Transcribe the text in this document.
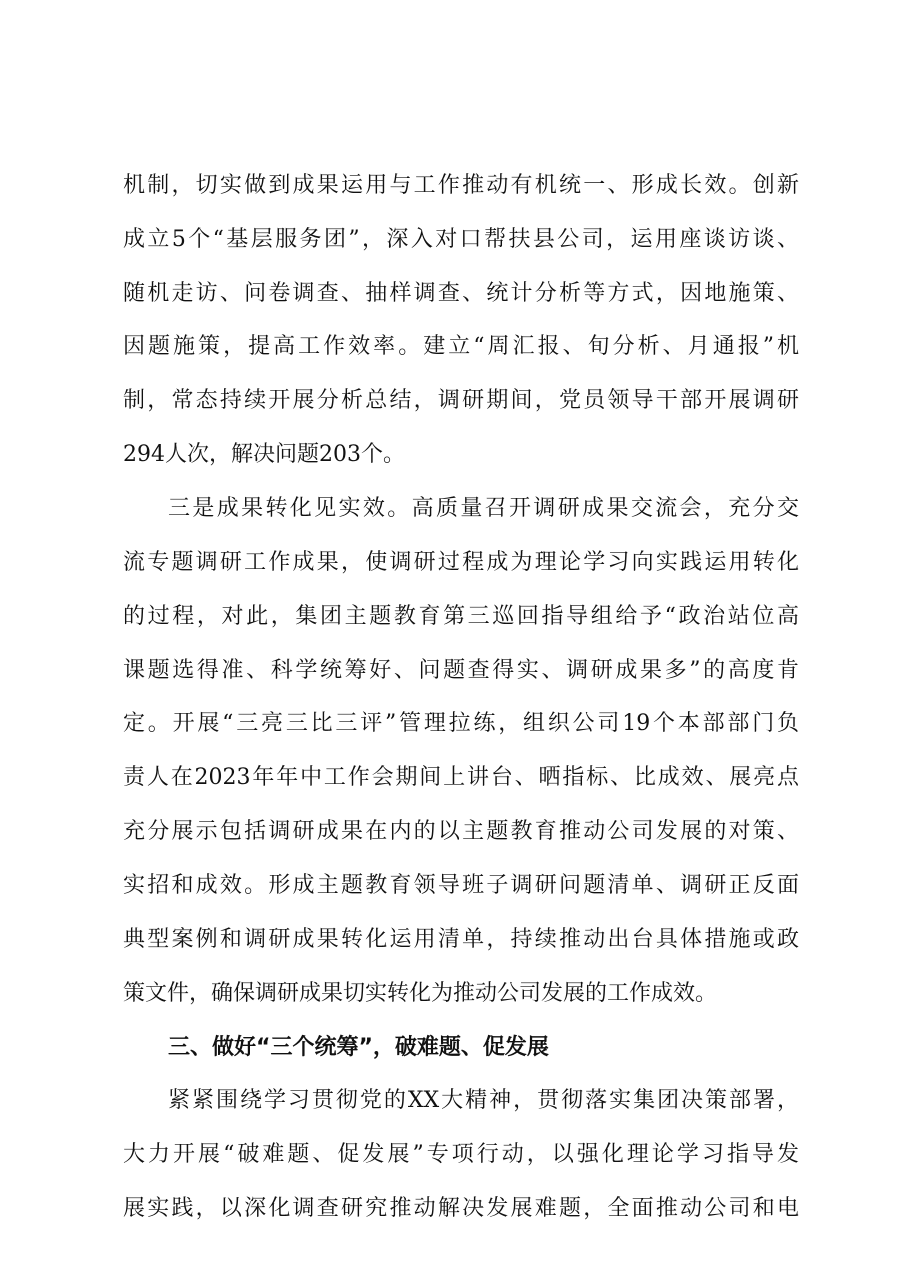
机制，切实做到成果运用与工作推动有机统一、形成长效。创新
成立5个“基层服务团”，深入对口帮扶县公司，运用座谈访谈、
随机走访、问卷调查、抽样调查、统计分析等方式，因地施策、
因题施策，提高工作效率。建立“周汇报、旬分析、月通报”机
制，常态持续开展分析总结，调研期间，党员领导干部开展调研
294人次，解决问题203个。
三是成果转化见实效。高质量召开调研成果交流会，充分交
流专题调研工作成果，使调研过程成为理论学习向实践运用转化
的过程，对此，集团主题教育第三巡回指导组给予“政治站位高
课题选得准、科学统筹好、问题查得实、调研成果多”的高度肯
定。开展“三亮三比三评”管理拉练，组织公司19个本部部门负
责人在2023年年中工作会期间上讲台、晒指标、比成效、展亮点
充分展示包括调研成果在内的以主题教育推动公司发展的对策、
实招和成效。形成主题教育领导班子调研问题清单、调研正反面
典型案例和调研成果转化运用清单，持续推动出台具体措施或政
策文件，确保调研成果切实转化为推动公司发展的工作成效。
三、做好“三个统筹”，破难题、促发展
紧紧围绕学习贯彻党的XX大精神，贯彻落实集团决策部署，
大力开展“破难题、促发展”专项行动，以强化理论学习指导发
展实践，以深化调查研究推动解决发展难题，全面推动公司和电
